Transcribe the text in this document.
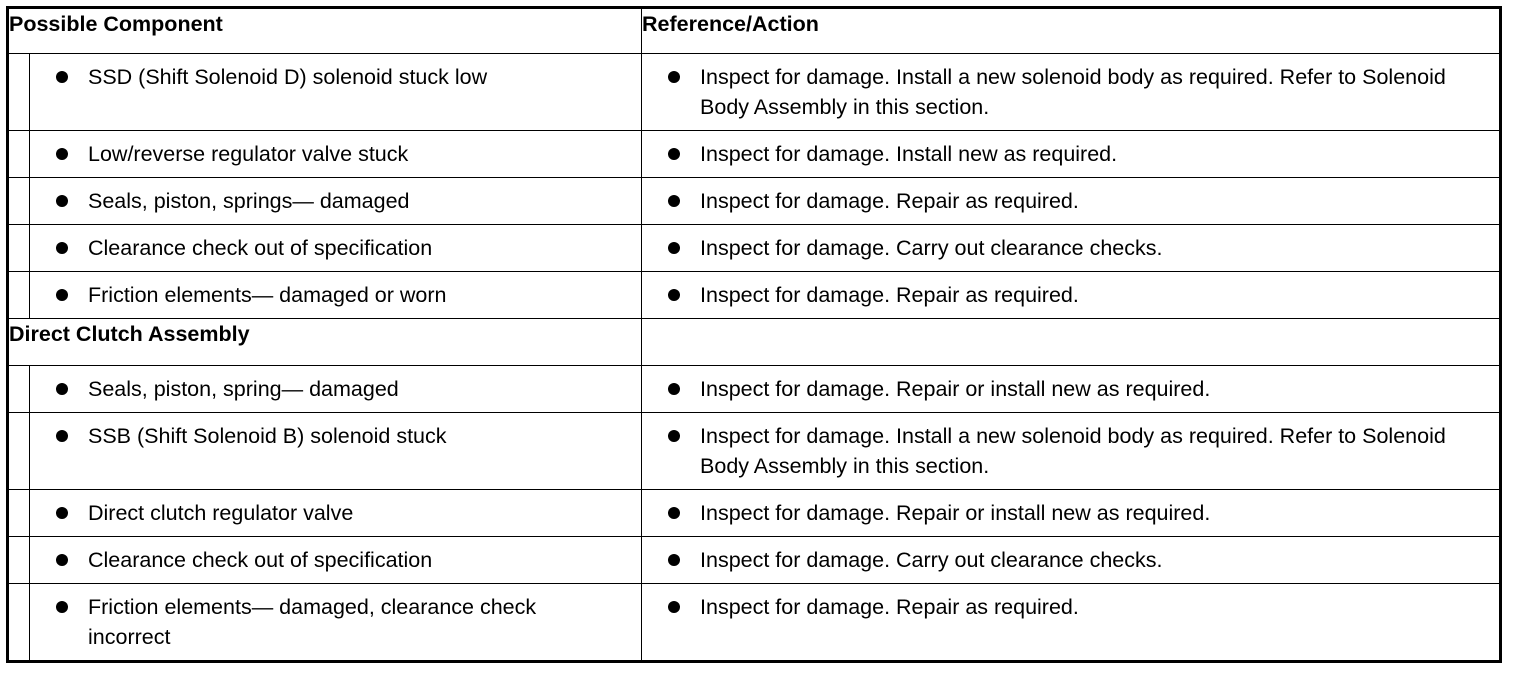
Possible Component		Reference/Action

	SSD (Shift Solenoid D) solenoid stuck low	Inspect for damage. Install a new solenoid body as required. Refer to Solenoid Body Assembly in this section.

	Low/reverse regulator valve stuck	Inspect for damage. Install new as required.

	Seals, piston, springs— damaged	Inspect for damage. Repair as required.

	Clearance check out of specification	Inspect for damage. Carry out clearance checks.

	Friction elements— damaged or worn	Inspect for damage. Repair as required.

Direct Clutch Assembly		

	Seals, piston, spring— damaged	Inspect for damage. Repair or install new as required.

	SSB (Shift Solenoid B) solenoid stuck	Inspect for damage. Install a new solenoid body as required. Refer to Solenoid Body Assembly in this section.

	Direct clutch regulator valve	Inspect for damage. Repair or install new as required.

	Clearance check out of specification	Inspect for damage. Carry out clearance checks.

	Friction elements— damaged, clearance check incorrect	Inspect for damage. Repair as required.
